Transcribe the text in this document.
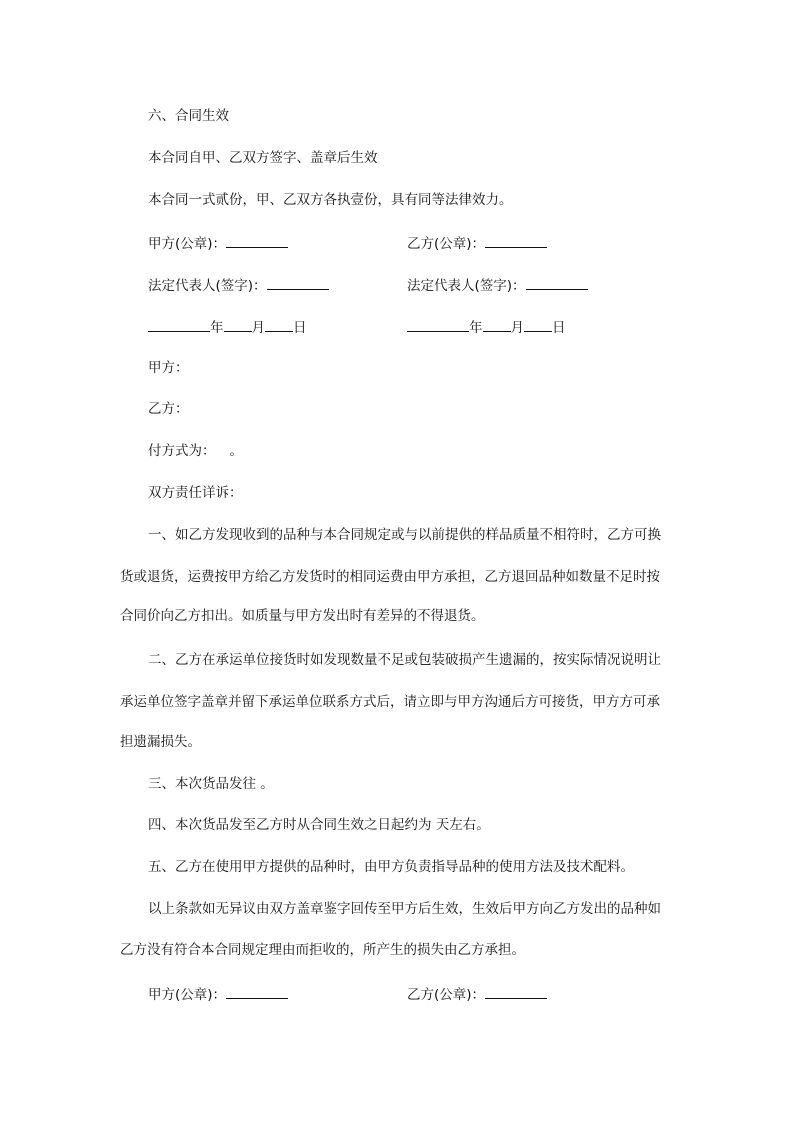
六、合同生效
本合同自甲、乙双方签字、盖章后生效
本合同一式贰份，甲、乙双方各执壹份，具有同等法律效力。
甲方(公章)：	乙方(公章)：
法定代表人(签字)：	法定代表人(签字)：
年 月 日	年 月 日
甲方：
乙方：
付方式为： 。
双方责任详诉：
一、如乙方发现收到的品种与本合同规定或与以前提供的样品质量不相符时，乙方可换
货或退货，运费按甲方给乙方发货时的相同运费由甲方承担，乙方退回品种如数量不足时按
合同价向乙方扣出。如质量与甲方发出时有差异的不得退货。
二、乙方在承运单位接货时如发现数量不足或包装破损产生遗漏的，按实际情况说明让
承运单位签字盖章并留下承运单位联系方式后，请立即与甲方沟通后方可接货，甲方方可承
担遗漏损失。
三、本次货品发往 。
四、本次货品发至乙方时从合同生效之日起约为 天左右。
五、乙方在使用甲方提供的品种时，由甲方负责指导品种的使用方法及技术配料。
以上条款如无异议由双方盖章鉴字回传至甲方后生效，生效后甲方向乙方发出的品种如
乙方没有符合本合同规定理由而拒收的，所产生的损失由乙方承担。
甲方(公章)：	乙方(公章)：
